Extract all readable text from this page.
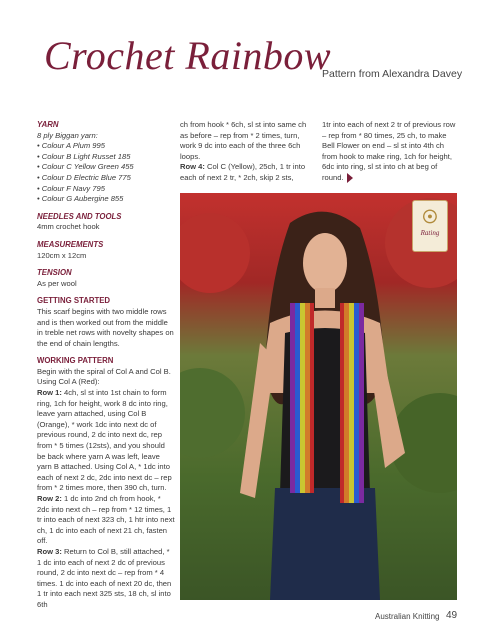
Crochet Rainbow
Pattern from Alexandra Davey
YARN
8 ply Biggan yarn:
• Colour A Plum 995
• Colour B Light Russet 185
• Colour C Yellow Green 455
• Colour D Electric Blue 775
• Colour F Navy 795
• Colour G Aubergine 855
NEEDLES AND TOOLS
4mm crochet hook
MEASUREMENTS
120cm x 12cm
TENSION
As per wool
GETTING STARTED
This scarf begins with two middle rows and is then worked out from the middle in treble net rows with novelty shapes on the end of chain lengths.
WORKING PATTERN
Begin with the spiral of Col A and Col B. Using Col A (Red):
Row 1: 4ch, sl st into 1st chain to form ring, 1ch for height, work 8 dc into ring, leave yarn attached, using Col B (Orange), * work 1dc into next dc of previous round, 2 dc into next dc, rep from * 5 times (12sts), and you should be back where yarn A was left, leave yarn B attached. Using Col A, * 1dc into each of next 2 dc, 2dc into next dc – rep from * 2 times more, then 390 ch, turn.
Row 2: 1 dc into 2nd ch from hook, * 2dc into next ch – rep from * 12 times, 1 tr into each of next 323 ch, 1 htr into next ch, 1 dc into each of next 21 ch, fasten off.
Row 3: Return to Col B, still attached, * 1 dc into each of next 2 dc of previous round, 2 dc into next dc – rep from * 4 times. 1 dc into each of next 20 dc, then 1 tr into each next 325 sts, 18 ch, sl into 6th
ch from hook * 6ch, sl st into same ch as before – rep from * 2 times, turn, work 9 dc into each of the three 6ch loops.
Row 4: Col C (Yellow), 25ch, 1 tr into each of next 2 tr, * 2ch, skip 2 sts,
1tr into each of next 2 tr of previous row – rep from * 80 times, 25 ch, to make Bell Flower on end – sl st into 4th ch from hook to make ring, 1ch for height, 6dc into ring, sl st into ch at beg of round.
☉
Rating
Australian Knitting 49
